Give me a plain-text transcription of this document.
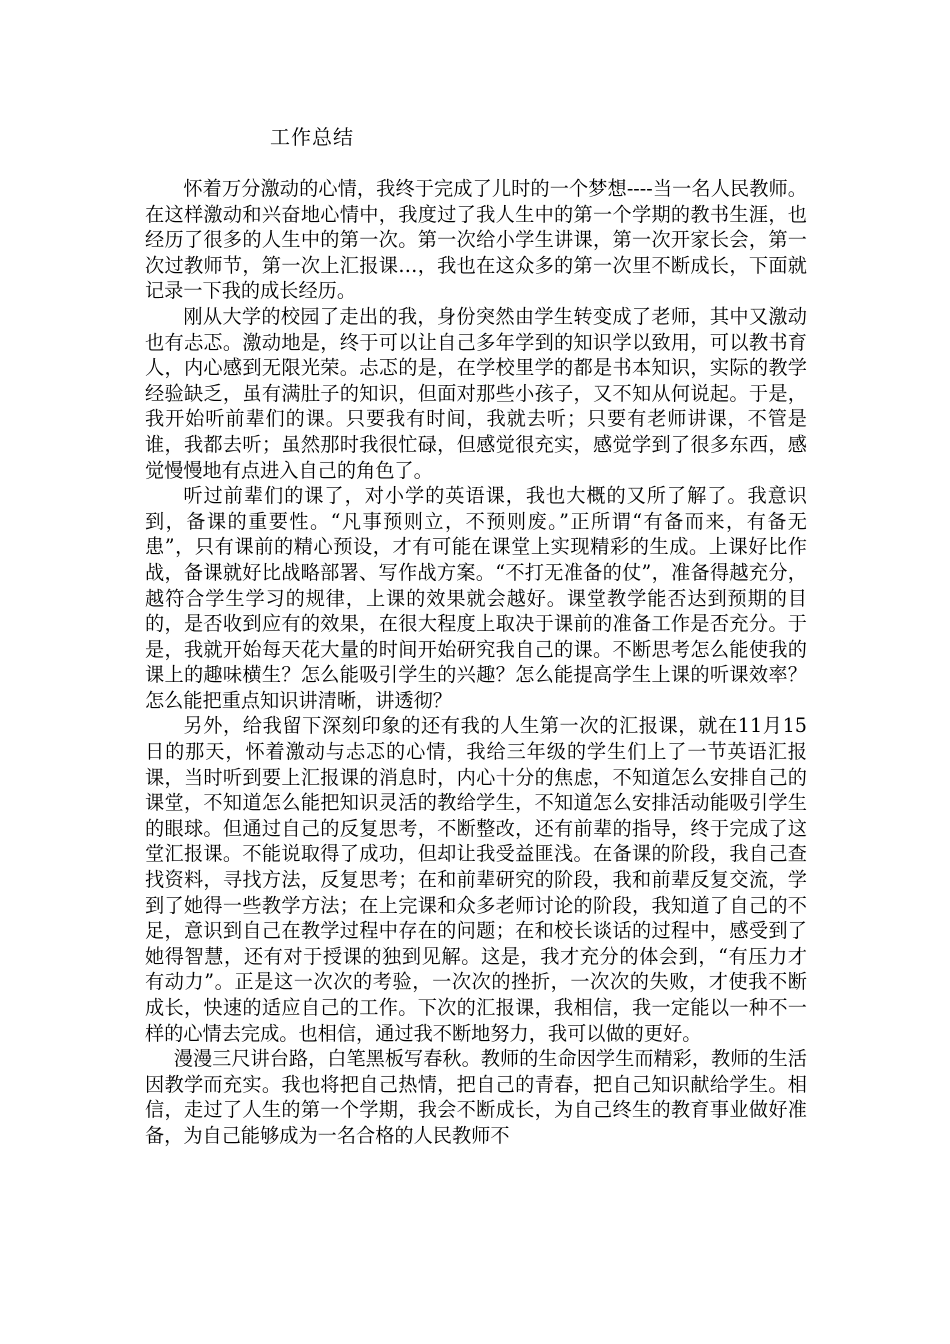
工作总结

怀着万分激动的心情，我终于完成了儿时的一个梦想----当一名人民教师。在这样激动和兴奋地心情中，我度过了我人生中的第一个学期的教书生涯，也经历了很多的人生中的第一次。第一次给小学生讲课，第一次开家长会，第一次过教师节，第一次上汇报课…，我也在这众多的第一次里不断成长，下面就记录一下我的成长经历。

刚从大学的校园了走出的我，身份突然由学生转变成了老师，其中又激动也有忐忑。激动地是，终于可以让自己多年学到的知识学以致用，可以教书育人，内心感到无限光荣。忐忑的是，在学校里学的都是书本知识，实际的教学经验缺乏，虽有满肚子的知识，但面对那些小孩子，又不知从何说起。于是，我开始听前辈们的课。只要我有时间，我就去听；只要有老师讲课，不管是谁，我都去听；虽然那时我很忙碌，但感觉很充实，感觉学到了很多东西，感觉慢慢地有点进入自己的角色了。

听过前辈们的课了，对小学的英语课，我也大概的又所了解了。我意识到，备课的重要性。“凡事预则立，不预则废。”正所谓“有备而来，有备无患”，只有课前的精心预设，才有可能在课堂上实现精彩的生成。上课好比作战，备课就好比战略部署、写作战方案。“不打无准备的仗”，准备得越充分，越符合学生学习的规律，上课的效果就会越好。课堂教学能否达到预期的目的，是否收到应有的效果，在很大程度上取决于课前的准备工作是否充分。于是，我就开始每天花大量的时间开始研究我自己的课。不断思考怎么能使我的课上的趣味横生？怎么能吸引学生的兴趣？怎么能提高学生上课的听课效率？怎么能把重点知识讲清晰，讲透彻？

另外，给我留下深刻印象的还有我的人生第一次的汇报课，就在11月15日的那天，怀着激动与忐忑的心情，我给三年级的学生们上了一节英语汇报课，当时听到要上汇报课的消息时，内心十分的焦虑，不知道怎么安排自己的课堂，不知道怎么能把知识灵活的教给学生，不知道怎么安排活动能吸引学生的眼球。但通过自己的反复思考，不断整改，还有前辈的指导，终于完成了这堂汇报课。不能说取得了成功，但却让我受益匪浅。在备课的阶段，我自己查找资料，寻找方法，反复思考；在和前辈研究的阶段，我和前辈反复交流，学到了她得一些教学方法；在上完课和众多老师讨论的阶段，我知道了自己的不足，意识到自己在教学过程中存在的问题；在和校长谈话的过程中，感受到了她得智慧，还有对于授课的独到见解。这是，我才充分的体会到，“有压力才有动力”。正是这一次次的考验，一次次的挫折，一次次的失败，才使我不断成长，快速的适应自己的工作。下次的汇报课，我相信，我一定能以一种不一样的心情去完成。也相信，通过我不断地努力，我可以做的更好。

漫漫三尺讲台路，白笔黑板写春秋。教师的生命因学生而精彩，教师的生活因教学而充实。我也将把自己热情，把自己的青春，把自己知识献给学生。相信，走过了人生的第一个学期，我会不断成长，为自己终生的教育事业做好准备，为自己能够成为一名合格的人民教师不
